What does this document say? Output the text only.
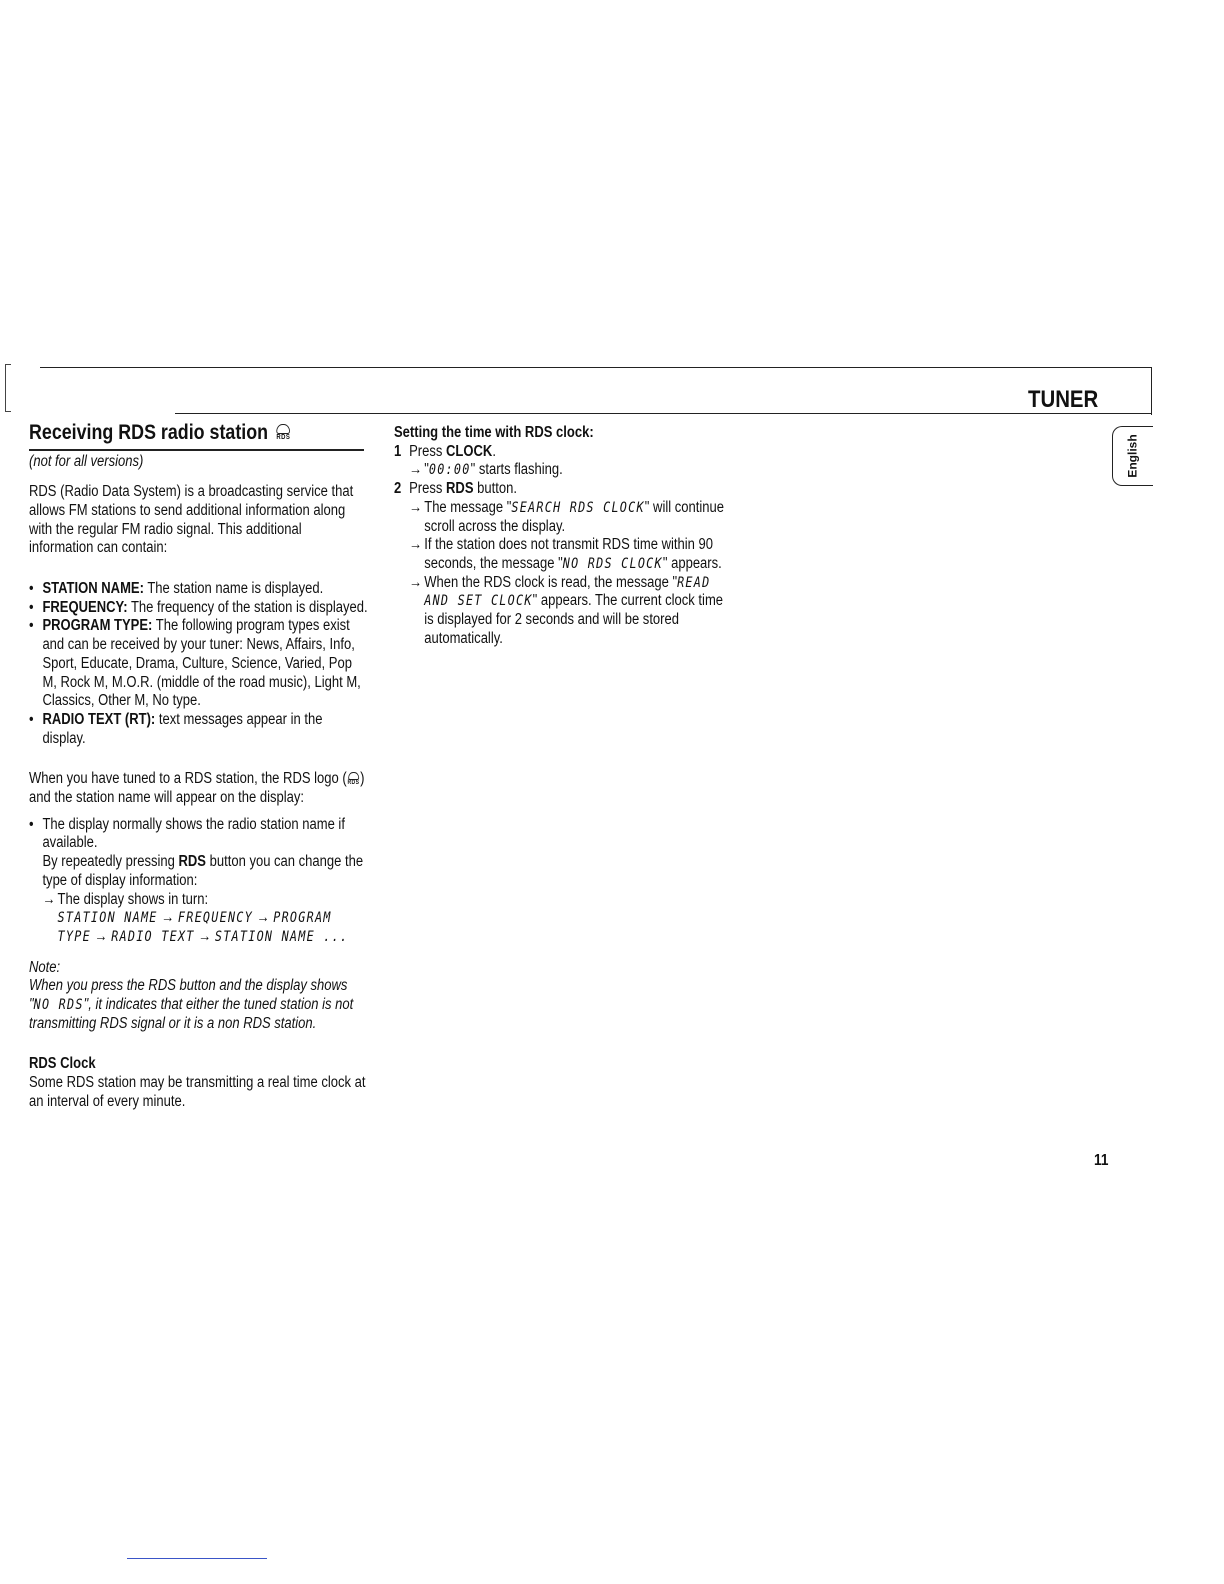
TUNER
English
Receiving RDS radio station RDS
(not for all versions)

RDS (Radio Data System) is a broadcasting service that allows FM stations to send additional information along with the regular FM radio signal. This additional information can contain:

• STATION NAME: The station name is displayed.
• FREQUENCY: The frequency of the station is displayed.
• PROGRAM TYPE: The following program types exist and can be received by your tuner: News, Affairs, Info, Sport, Educate, Drama, Culture, Science, Varied, Pop M, Rock M, M.O.R. (middle of the road music), Light M, Classics, Other M, No type.
• RADIO TEXT (RT): text messages appear in the display.

When you have tuned to a RDS station, the RDS logo ( RDS ) and the station name will appear on the display:

• The display normally shows the radio station name if available.
By repeatedly pressing RDS button you can change the type of display information:
→ The display shows in turn:
STATION NAME → FREQUENCY → PROGRAM TYPE → RADIO TEXT → STATION NAME ...

Note:

When you press the RDS button and the display shows "NO RDS", it indicates that either the tuned station is not transmitting RDS signal or it is a non RDS station.

RDS Clock

Some RDS station may be transmitting a real time clock at an interval of every minute.

Setting the time with RDS clock:

1 Press CLOCK.
→ "00:00" starts flashing.
2 Press RDS button.
→ The message "SEARCH RDS CLOCK" will continue scroll across the display.
→ If the station does not transmit RDS time within 90 seconds, the message "NO RDS CLOCK" appears.
→ When the RDS clock is read, the message "READ AND SET CLOCK" appears. The current clock time is displayed for 2 seconds and will be stored automatically.
11
